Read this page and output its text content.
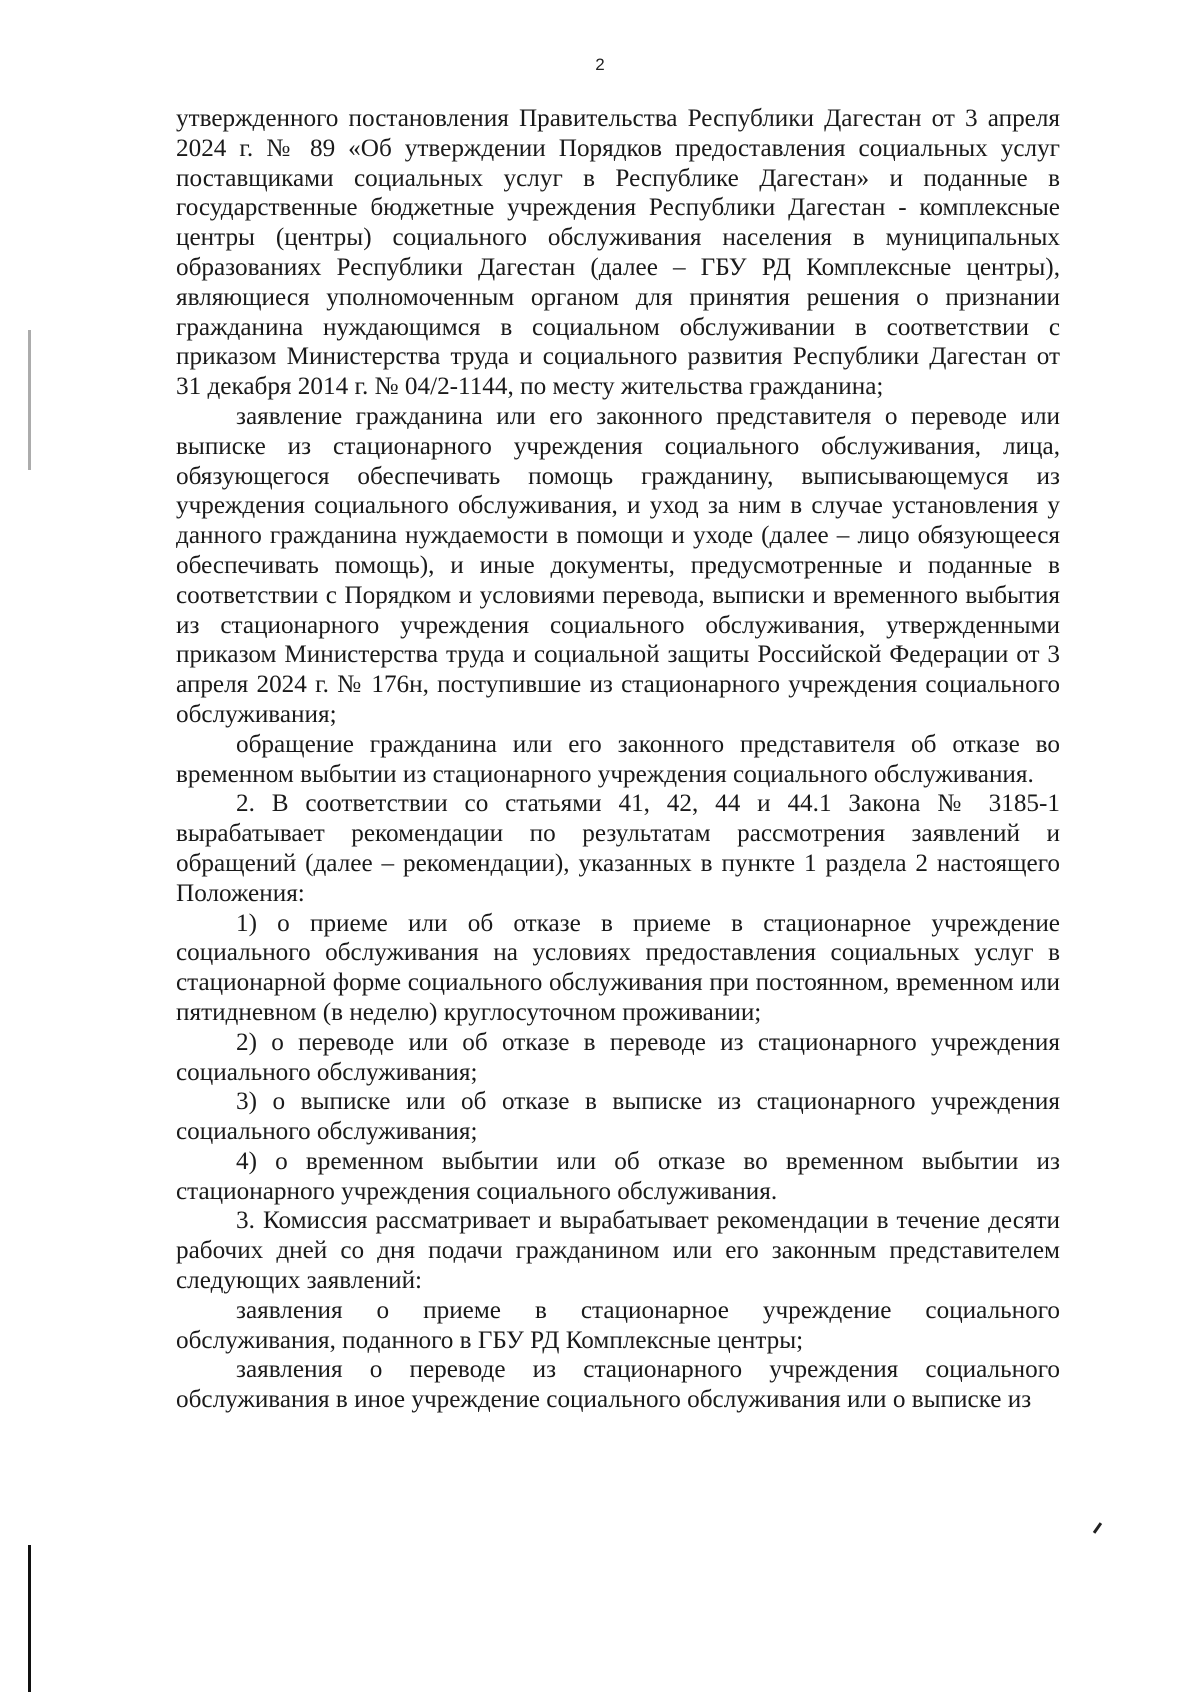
2

утвержденного постановления Правительства Республики Дагестан от 3 апреля 2024 г. № 89 «Об утверждении Порядков предоставления социальных услуг поставщиками социальных услуг в Республике Дагестан» и поданные в государственные бюджетные учреждения Республики Дагестан - комплексные центры (центры) социального обслуживания населения в муниципальных образованиях Республики Дагестан (далее – ГБУ РД Комплексные центры), являющиеся уполномоченным органом для принятия решения о признании гражданина нуждающимся в социальном обслуживании в соответствии с приказом Министерства труда и социального развития Республики Дагестан от 31 декабря 2014 г. № 04/2-1144, по месту жительства гражданина;

заявление гражданина или его законного представителя о переводе или выписке из стационарного учреждения социального обслуживания, лица, обязующегося обеспечивать помощь гражданину, выписывающемуся из учреждения социального обслуживания, и уход за ним в случае установления у данного гражданина нуждаемости в помощи и уходе (далее – лицо обязующееся обеспечивать помощь), и иные документы, предусмотренные и поданные в соответствии с Порядком и условиями перевода, выписки и временного выбытия из стационарного учреждения социального обслуживания, утвержденными приказом Министерства труда и социальной защиты Российской Федерации от 3 апреля 2024 г. № 176н, поступившие из стационарного учреждения социального обслуживания;

обращение гражданина или его законного представителя об отказе во временном выбытии из стационарного учреждения социального обслуживания.

2. В соответствии со статьями 41, 42, 44 и 44.1 Закона № 3185-1 вырабатывает рекомендации по результатам рассмотрения заявлений и обращений (далее – рекомендации), указанных в пункте 1 раздела 2 настоящего Положения:

1) о приеме или об отказе в приеме в стационарное учреждение социального обслуживания на условиях предоставления социальных услуг в стационарной форме социального обслуживания при постоянном, временном или пятидневном (в неделю) круглосуточном проживании;

2) о переводе или об отказе в переводе из стационарного учреждения социального обслуживания;

3) о выписке или об отказе в выписке из стационарного учреждения социального обслуживания;

4) о временном выбытии или об отказе во временном выбытии из стационарного учреждения социального обслуживания.

3. Комиссия рассматривает и вырабатывает рекомендации в течение десяти рабочих дней со дня подачи гражданином или его законным представителем следующих заявлений:

заявления о приеме в стационарное учреждение социального обслуживания, поданного в ГБУ РД Комплексные центры;

заявления о переводе из стационарного учреждения социального обслуживания в иное учреждение социального обслуживания или о выписке из
